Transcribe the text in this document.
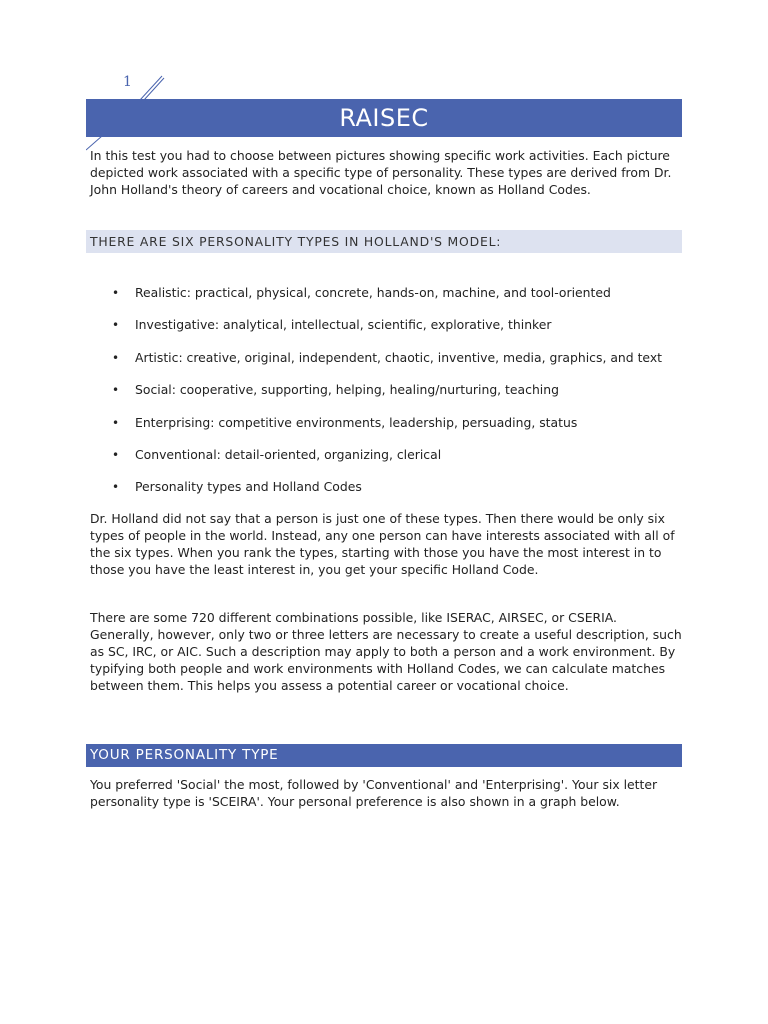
1
RAISEC

In this test you had to choose between pictures showing specific work activities. Each picture depicted work associated with a specific type of personality. These types are derived from Dr. John Holland's theory of careers and vocational choice, known as Holland Codes.

THERE ARE SIX PERSONALITY TYPES IN HOLLAND'S MODEL:
• Realistic: practical, physical, concrete, hands-on, machine, and tool-oriented
• Investigative: analytical, intellectual, scientific, explorative, thinker
• Artistic: creative, original, independent, chaotic, inventive, media, graphics, and text
• Social: cooperative, supporting, helping, healing/nurturing, teaching
• Enterprising: competitive environments, leadership, persuading, status
• Conventional: detail-oriented, organizing, clerical
• Personality types and Holland Codes

Dr. Holland did not say that a person is just one of these types. Then there would be only six types of people in the world. Instead, any one person can have interests associated with all of the six types. When you rank the types, starting with those you have the most interest in to those you have the least interest in, you get your specific Holland Code.

There are some 720 different combinations possible, like ISERAC, AIRSEC, or CSERIA. Generally, however, only two or three letters are necessary to create a useful description, such as SC, IRC, or AIC. Such a description may apply to both a person and a work environment. By typifying both people and work environments with Holland Codes, we can calculate matches between them. This helps you assess a potential career or vocational choice.

YOUR PERSONALITY TYPE

You preferred 'Social' the most, followed by 'Conventional' and 'Enterprising'. Your six letter personality type is 'SCEIRA'. Your personal preference is also shown in a graph below.
